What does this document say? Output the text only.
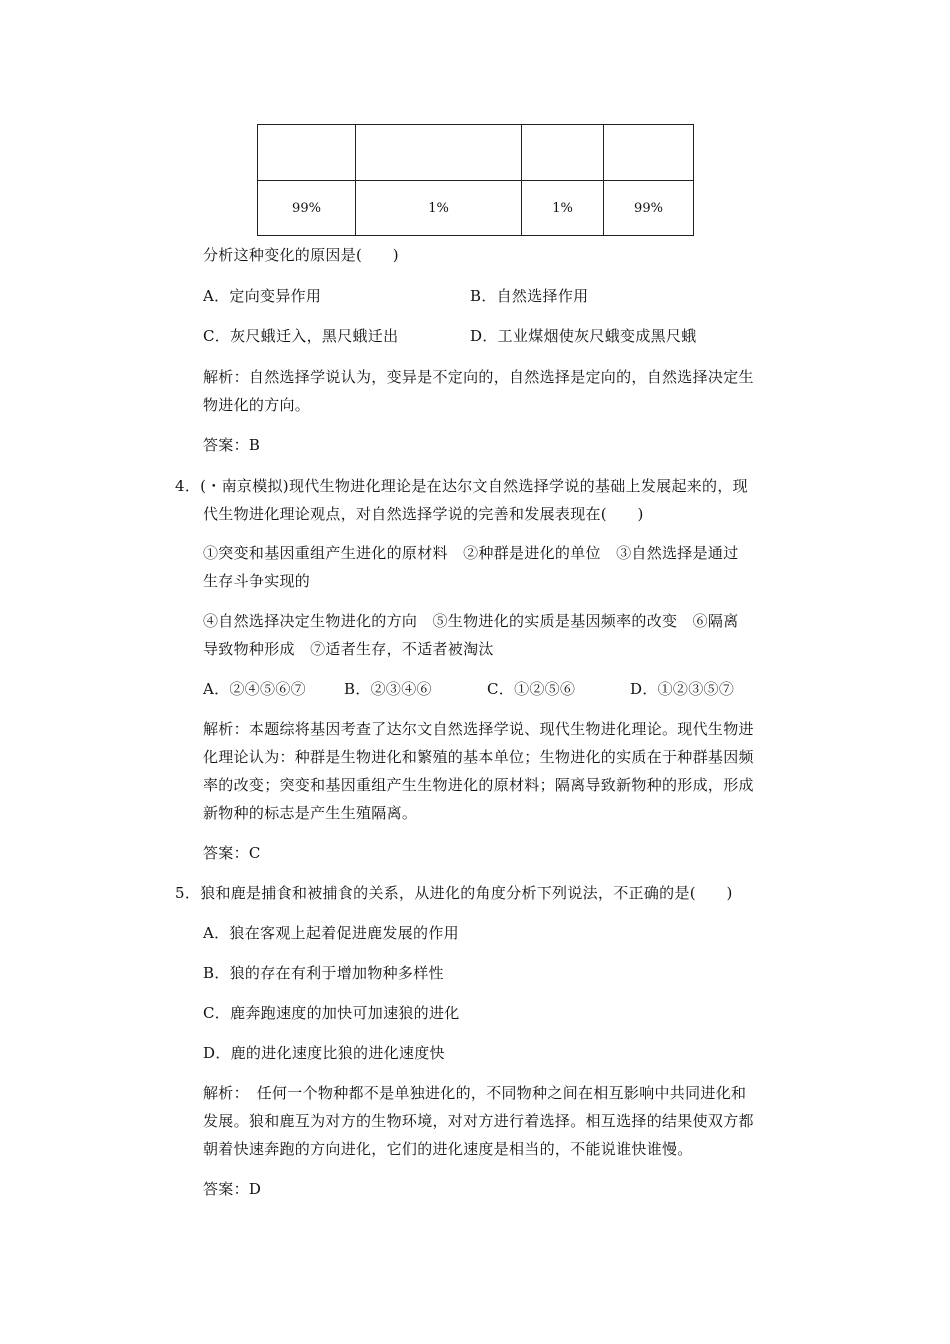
99%	1%	1%	99%
分析这种变化的原因是(　　)
A．定向变异作用	B．自然选择作用
C．灰尺蛾迁入，黑尺蛾迁出	D．工业煤烟使灰尺蛾变成黑尺蛾
解析：自然选择学说认为，变异是不定向的，自然选择是定向的，自然选择决定生
物进化的方向。
答案：B
4．(・南京模拟)现代生物进化理论是在达尔文自然选择学说的基础上发展起来的，现
代生物进化理论观点，对自然选择学说的完善和发展表现在(　　)
①突变和基因重组产生进化的原材料　②种群是进化的单位　③自然选择是通过
生存斗争实现的
④自然选择决定生物进化的方向　⑤生物进化的实质是基因频率的改变　⑥隔离
导致物种形成　⑦适者生存，不适者被淘汰
A．②④⑤⑥⑦	B．②③④⑥	C．①②⑤⑥	D．①②③⑤⑦
解析：本题综将基因考查了达尔文自然选择学说、现代生物进化理论。现代生物进
化理论认为：种群是生物进化和繁殖的基本单位；生物进化的实质在于种群基因频
率的改变；突变和基因重组产生生物进化的原材料；隔离导致新物种的形成，形成
新物种的标志是产生生殖隔离。
答案：C
5．狼和鹿是捕食和被捕食的关系，从进化的角度分析下列说法，不正确的是(　　)
A．狼在客观上起着促进鹿发展的作用
B．狼的存在有利于增加物种多样性
C．鹿奔跑速度的加快可加速狼的进化
D．鹿的进化速度比狼的进化速度快
解析：　任何一个物种都不是单独进化的，不同物种之间在相互影响中共同进化和
发展。狼和鹿互为对方的生物环境，对对方进行着选择。相互选择的结果使双方都
朝着快速奔跑的方向进化，它们的进化速度是相当的，不能说谁快谁慢。
答案：D
